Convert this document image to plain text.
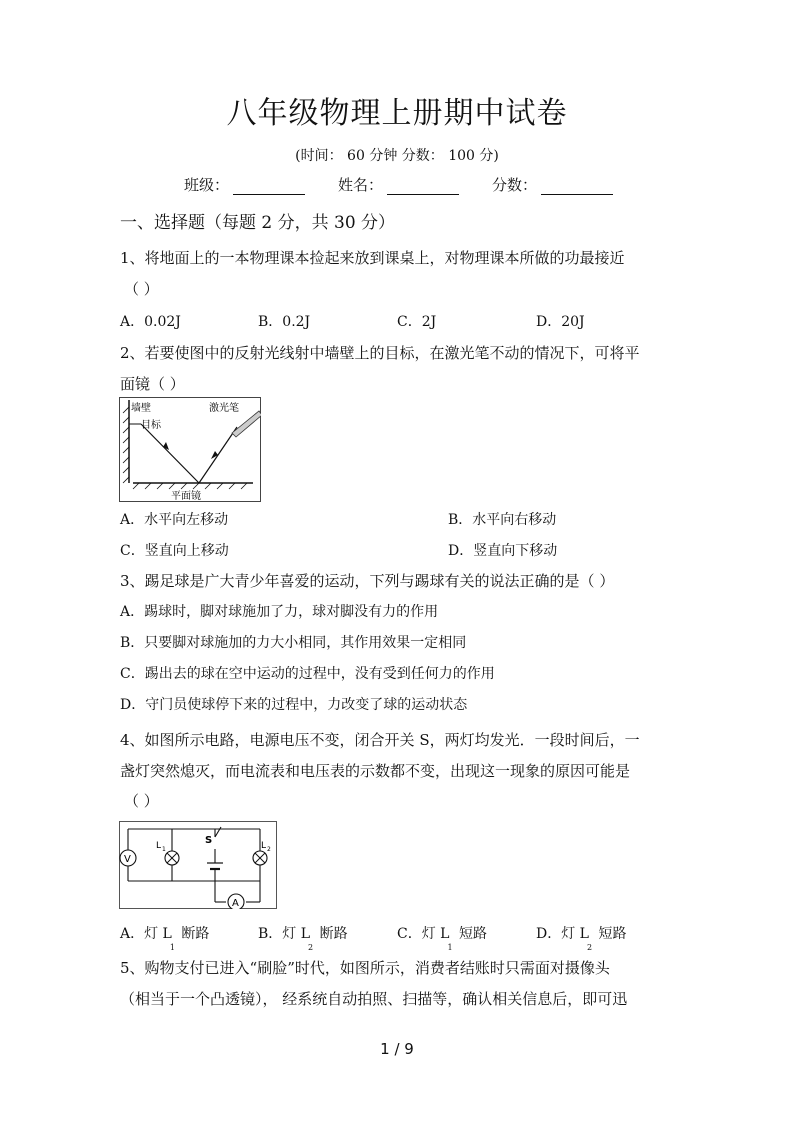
八年级物理上册期中试卷
(时间： 60 分钟 分数： 100 分)
班级：	姓名：	分数：
一、选择题（每题 2 分，共 30 分）
1、将地面上的一本物理课本捡起来放到课桌上，对物理课本所做的功最接近
（ ）
A．0.02J	B．0.2J	C．2J	D．20J
2、若要使图中的反射光线射中墙壁上的目标，在激光笔不动的情况下，可将平
面镜（ ）
墙壁
目标
激光笔
平面镜
A．水平向左移动	B．水平向右移动
C．竖直向上移动	D．竖直向下移动
3、踢足球是广大青少年喜爱的运动，下列与踢球有关的说法正确的是（ ）
A．踢球时，脚对球施加了力，球对脚没有力的作用
B．只要脚对球施加的力大小相同，其作用效果一定相同
C．踢出去的球在空中运动的过程中，没有受到任何力的作用
D．守门员使球停下来的过程中，力改变了球的运动状态
4、如图所示电路，电源电压不变，闭合开关 S，两灯均发光．一段时间后，一
盏灯突然熄灭，而电流表和电压表的示数都不变，出现这一现象的原因可能是
（ ）
V
A
S
L 1	L 2
A．灯 $L_1$ 断路	B．灯 $L_2$ 断路	C．灯 $L_1$ 短路	D．灯 $L_2$ 短路
5、购物支付已进入“刷脸”时代，如图所示，消费者结账时只需面对摄像头
（相当于一个凸透镜）， 经系统自动拍照、扫描等，确认相关信息后，即可迅
1 / 9
